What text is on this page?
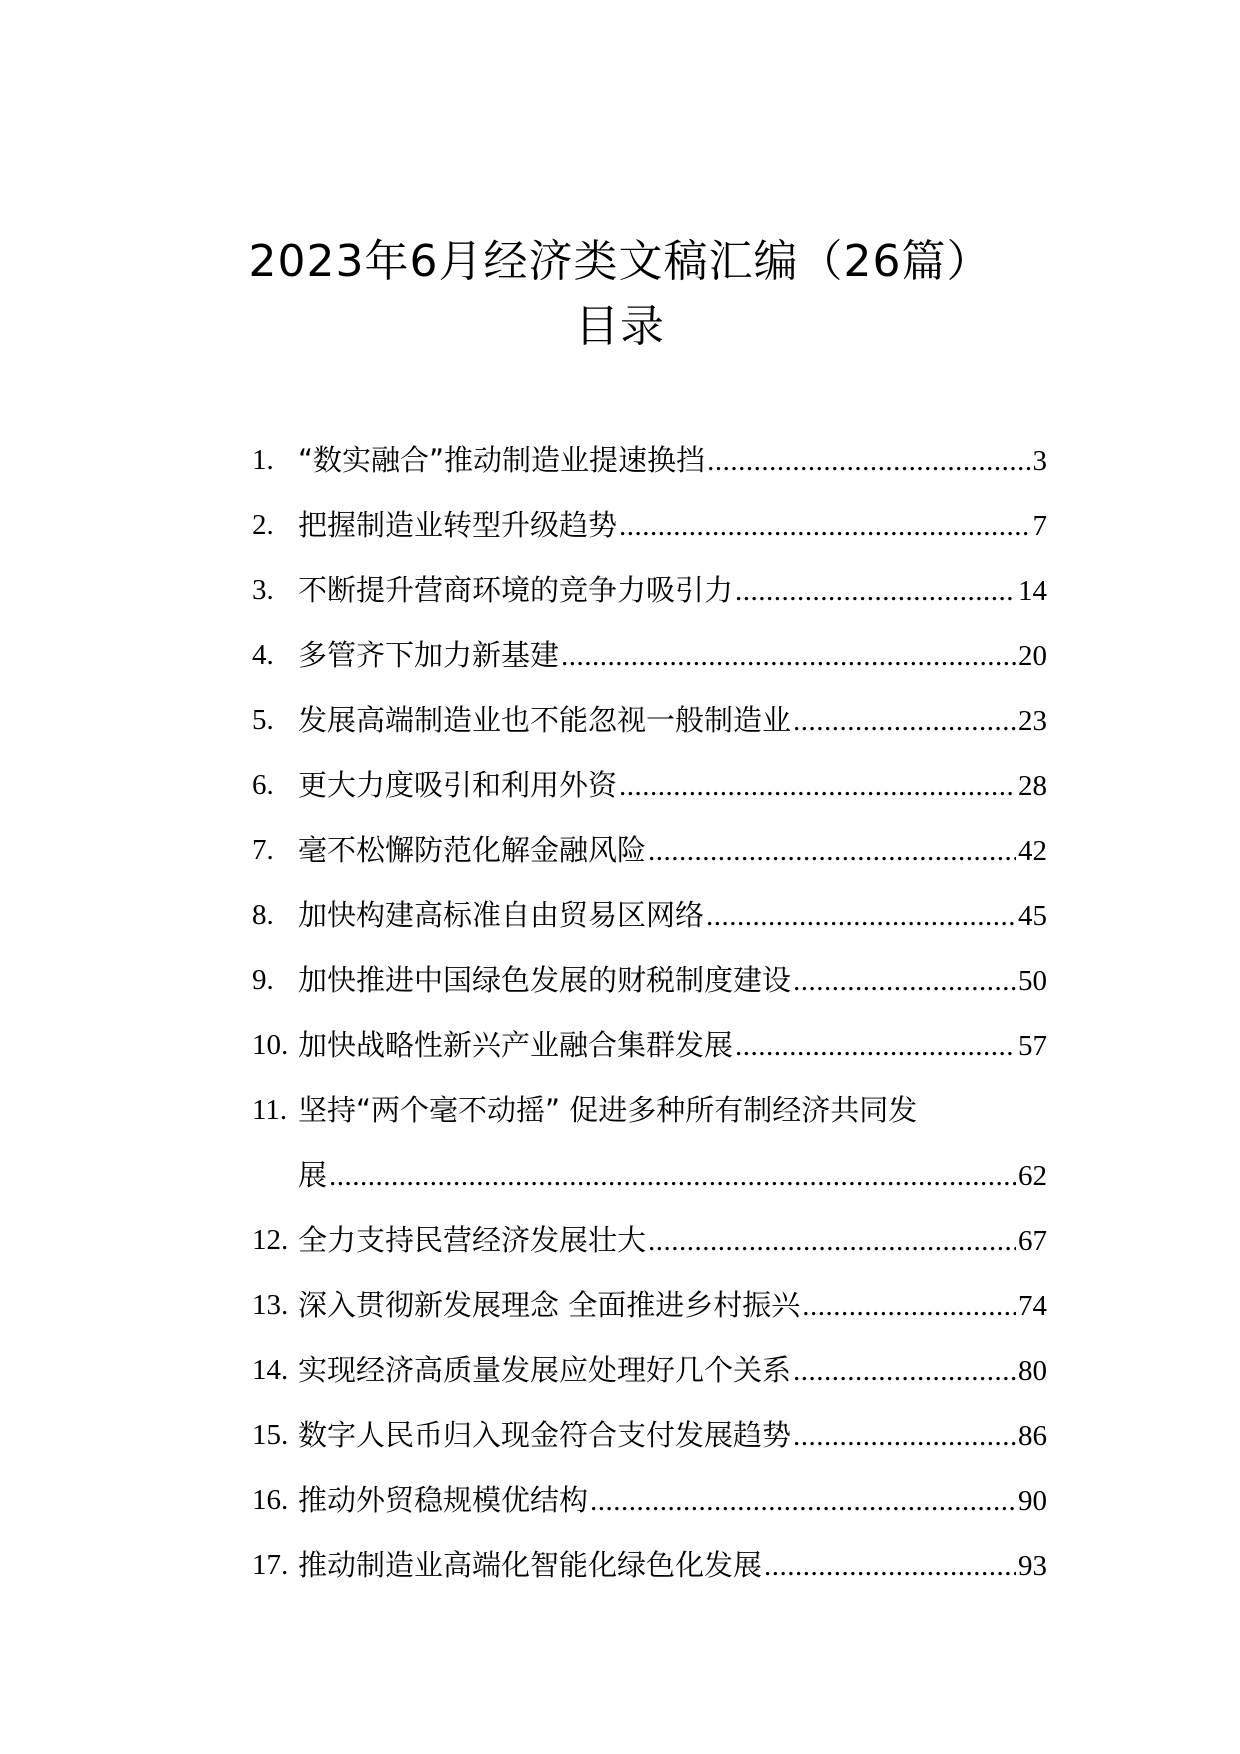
2023年6月经济类文稿汇编（26篇）
目录
1. “数实融合”推动制造业提速换挡 .....	3
2. 把握制造业转型升级趋势 .....	7
3. 不断提升营商环境的竞争力吸引力 .....	14
4. 多管齐下加力新基建 .....	20
5. 发展高端制造业也不能忽视一般制造业 .....	23
6. 更大力度吸引和利用外资 .....	28
7. 毫不松懈防范化解金融风险 .....	42
8. 加快构建高标准自由贸易区网络 .....	45
9. 加快推进中国绿色发展的财税制度建设 .....	50
10. 加快战略性新兴产业融合集群发展 .....	57
11. 坚持“两个毫不动摇” 促进多种所有制经济共同发
展 .....	62
12. 全力支持民营经济发展壮大 .....	67
13. 深入贯彻新发展理念 全面推进乡村振兴 .....	74
14. 实现经济高质量发展应处理好几个关系 .....	80
15. 数字人民币归入现金符合支付发展趋势 .....	86
16. 推动外贸稳规模优结构 .....	90
17. 推动制造业高端化智能化绿色化发展 .....	93
